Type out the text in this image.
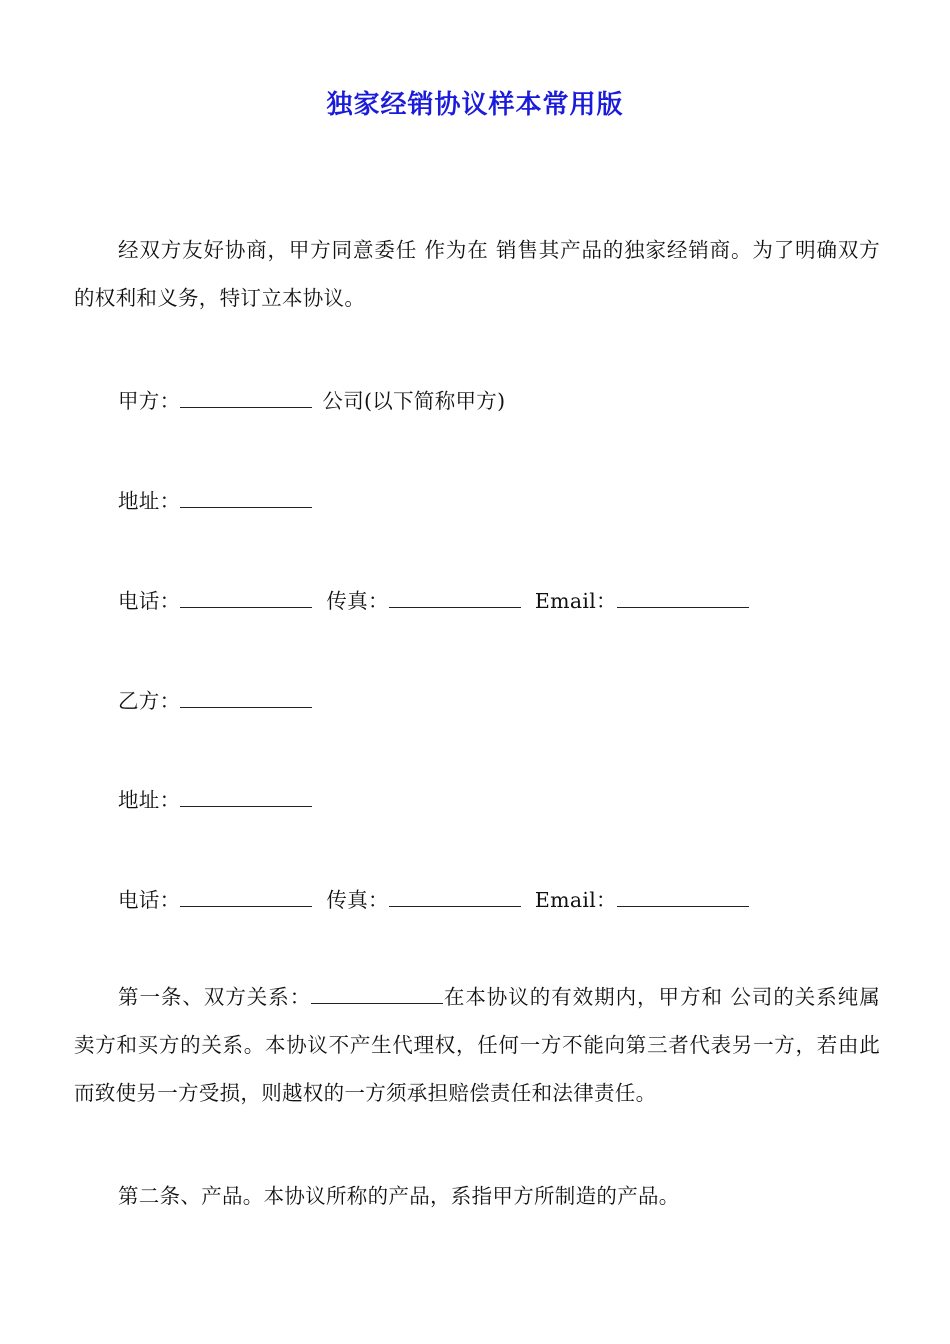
独家经销协议样本常用版
经双方友好协商，甲方同意委任 作为在 销售其产品的独家经销商。为了明确双方的权利和义务，特订立本协议。
甲方：	公司(以下简称甲方)
地址：
电话：	传真：	Email：
乙方：
地址：
电话：	传真：	Email：
第一条、双方关系：	在本协议的有效期内，甲方和 公司的关系纯属卖方和买方的关系。本协议不产生代理权，任何一方不能向第三者代表另一方，若由此而致使另一方受损，则越权的一方须承担赔偿责任和法律责任。
第二条、产品。本协议所称的产品，系指甲方所制造的产品。
